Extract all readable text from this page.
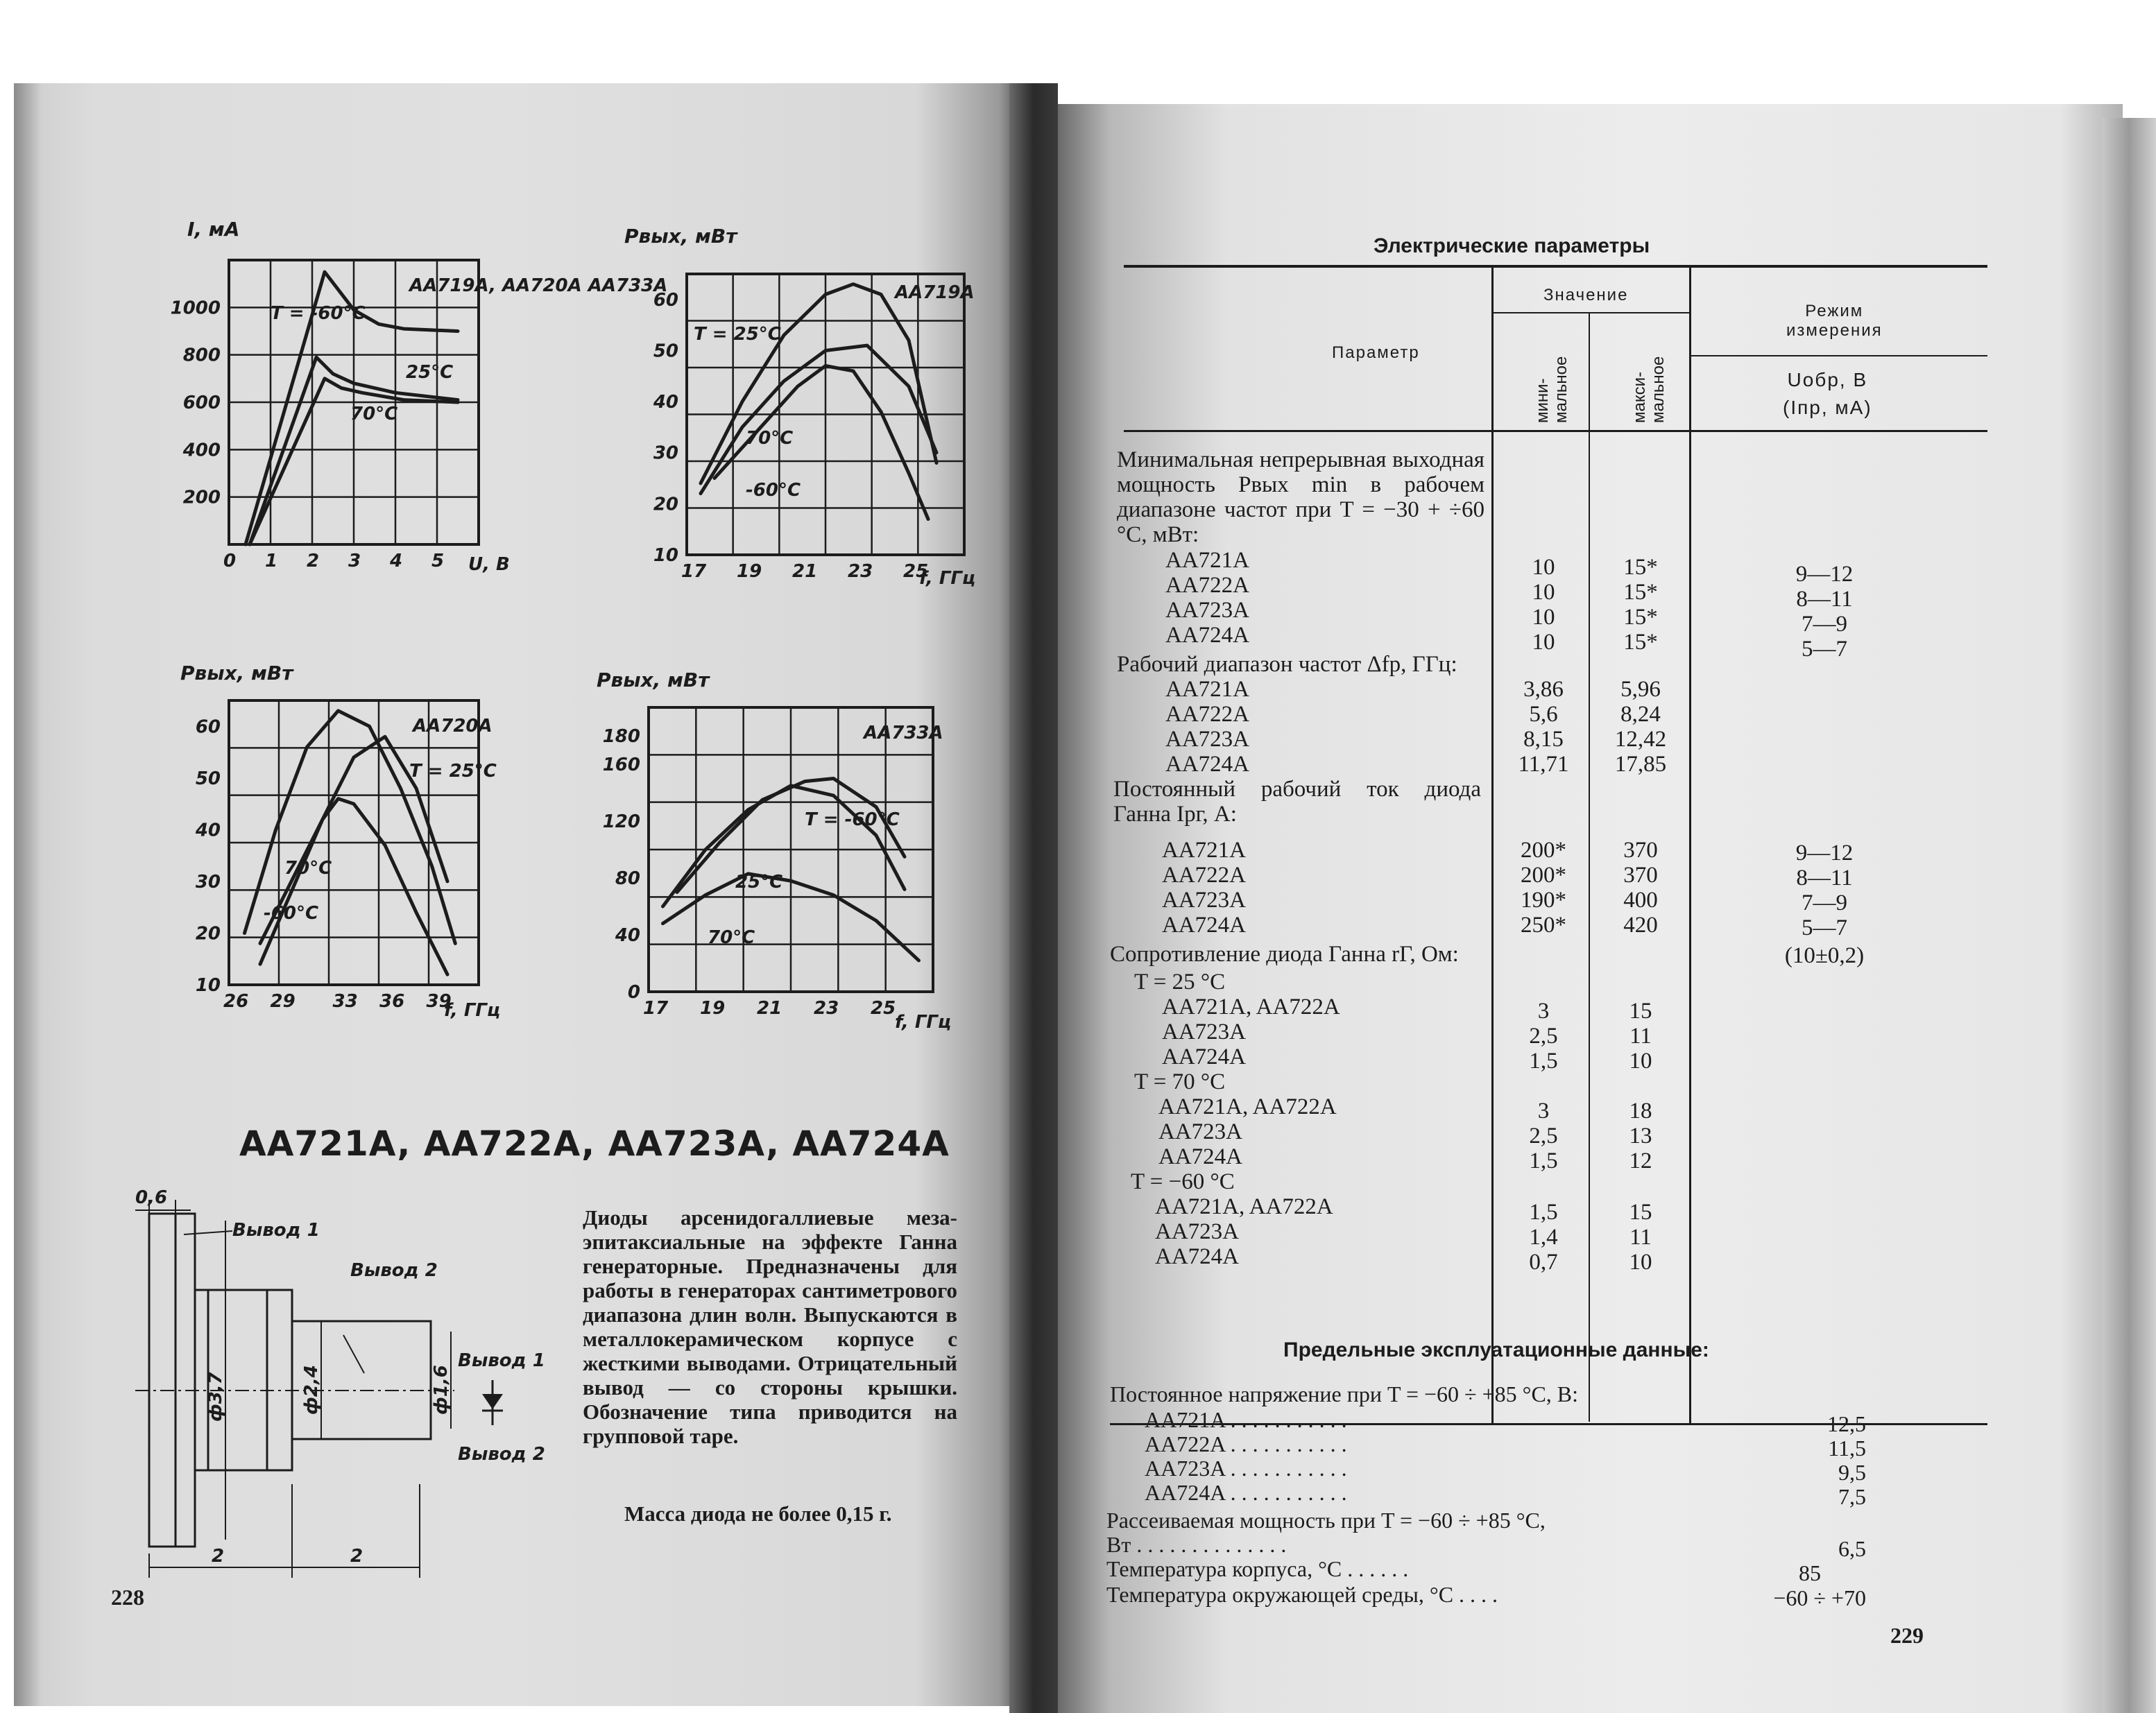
I, мА
AA719A, AA720A AA733A
U, В
0 1 2 3 4 5
200
400
600
800
1000	T = -60°C
25°C
70°C
Pвых, мВт
AA719A
f, ГГц
17 19 21 23 25
10
20
30
40
50
60
T = 25°C
70°C
-60°C
Pвых, мВт
AA720A
f, ГГц
26 29 33 36 39
10
20
30
40
50
60
T = 25°C
70°C
-60°C
Pвых, мВт
AA733A
f, ГГц
17 19 21 23 25
0
40
80
120
160
180
T = -60°C
25°C
70°C
AA721A, AA722A, AA723A, AA724A
0,6
Вывод 1
Вывод 2
Вывод 1
Вывод 2
ф3,7	ф2,4	ф1,6
2	2
Диоды арсенидогаллиевые меза-эпитаксиальные на эффекте Ганна генераторные. Предназначены для работы в генераторах сантиметрового диапазона длин волн. Выпускаются в металлокерамическом корпусе с жесткими выводами. Отрицательный вывод — со стороны крышки. Обозначение типа приводится на групповой таре.
Масса диода не более 0,15 г.
228
Электрические параметры
Параметр
Значение
мини-
мальное	макси-
мальное
Режим
измерения
Uобр, В
(Iпр, мА)
Минимальная непрерывная выходная мощность Pвых min в рабочем диапазоне частот при T = −30 + ÷60 °C, мВт:
AA721A	10	15*	9—12
AA722A	10	15*	8—11
AA723A	10	15*	7—9
AA724A	10	15*	5—7
Рабочий диапазон частот Δfр, ГГц:
AA721A	3,86	5,96
AA722A	5,6	8,24
AA723A	8,15	12,42
AA724A	11,71	17,85
Постоянный рабочий ток диода Ганна Iрг, А:
AA721A	200*	370	9—12
AA722A	200*	370	8—11
AA723A	190*	400	7—9
AA724A	250*	420	5—7
Сопротивление диода Ганна rГ, Ом:	(10±0,2)
T = 25 °C
AA721A, AA722A	3	15
AA723A	2,5	11
AA724A	1,5	10
T = 70 °C
AA721A, AA722A	3	18
AA723A	2,5	13
AA724A	1,5	12
T = −60 °C
AA721A, AA722A	1,5	15
AA723A	1,4	11
AA724A	0,7	10
Предельные эксплуатационные данные:
Постоянное напряжение при T = −60 ÷ +85 °C, В:
AA721A . . . . . . . . . . .	12,5
AA722A . . . . . . . . . . .	11,5
AA723A . . . . . . . . . . .	9,5
AA724A . . . . . . . . . . .	7,5
Рассеиваемая мощность при T = −60 ÷ +85 °C,
Вт . . . . . . . . . . . . . .	6,5
Температура корпуса, °C . . . . . .	85
Температура окружающей среды, °C . . . .	−60 ÷ +70
229
